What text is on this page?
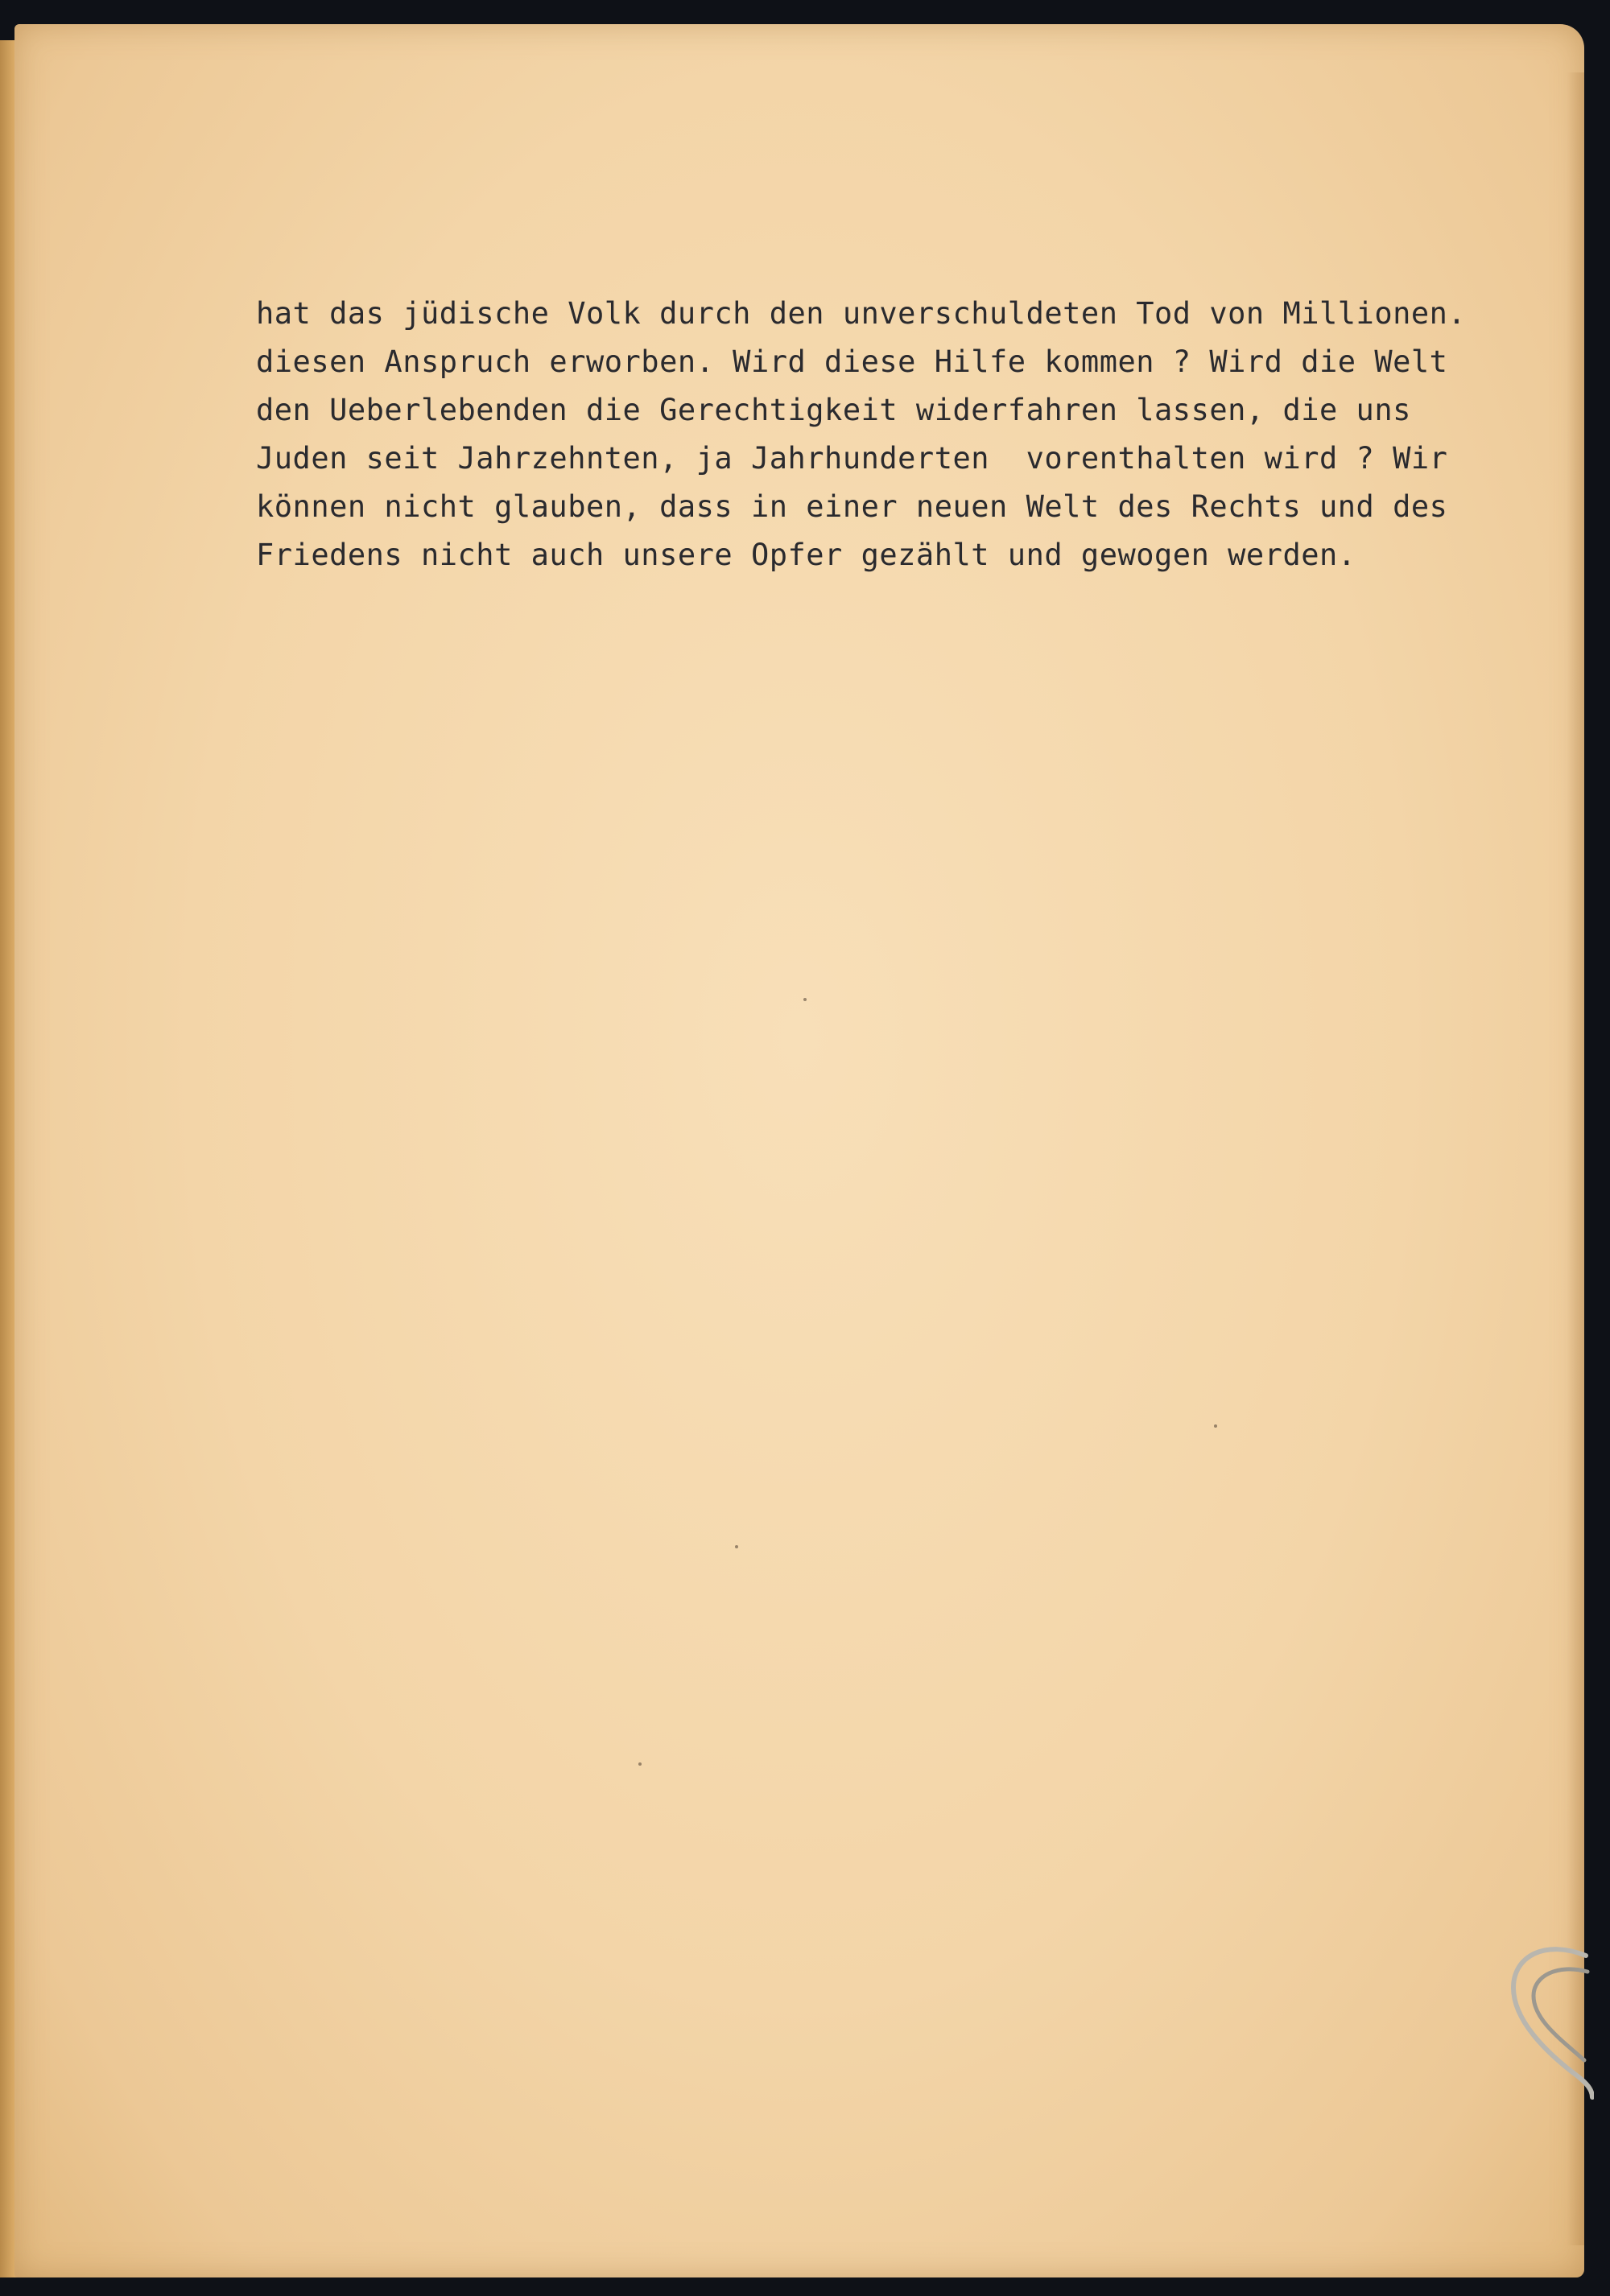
hat das jüdische Volk durch den unverschuldeten Tod von Millionen.
diesen Anspruch erworben. Wird diese Hilfe kommen ? Wird die Welt
den Ueberlebenden die Gerechtigkeit widerfahren lassen, die uns
Juden seit Jahrzehnten, ja Jahrhunderten  vorenthalten wird ? Wir
können nicht glauben, dass in einer neuen Welt des Rechts und des
Friedens nicht auch unsere Opfer gezählt und gewogen werden.
